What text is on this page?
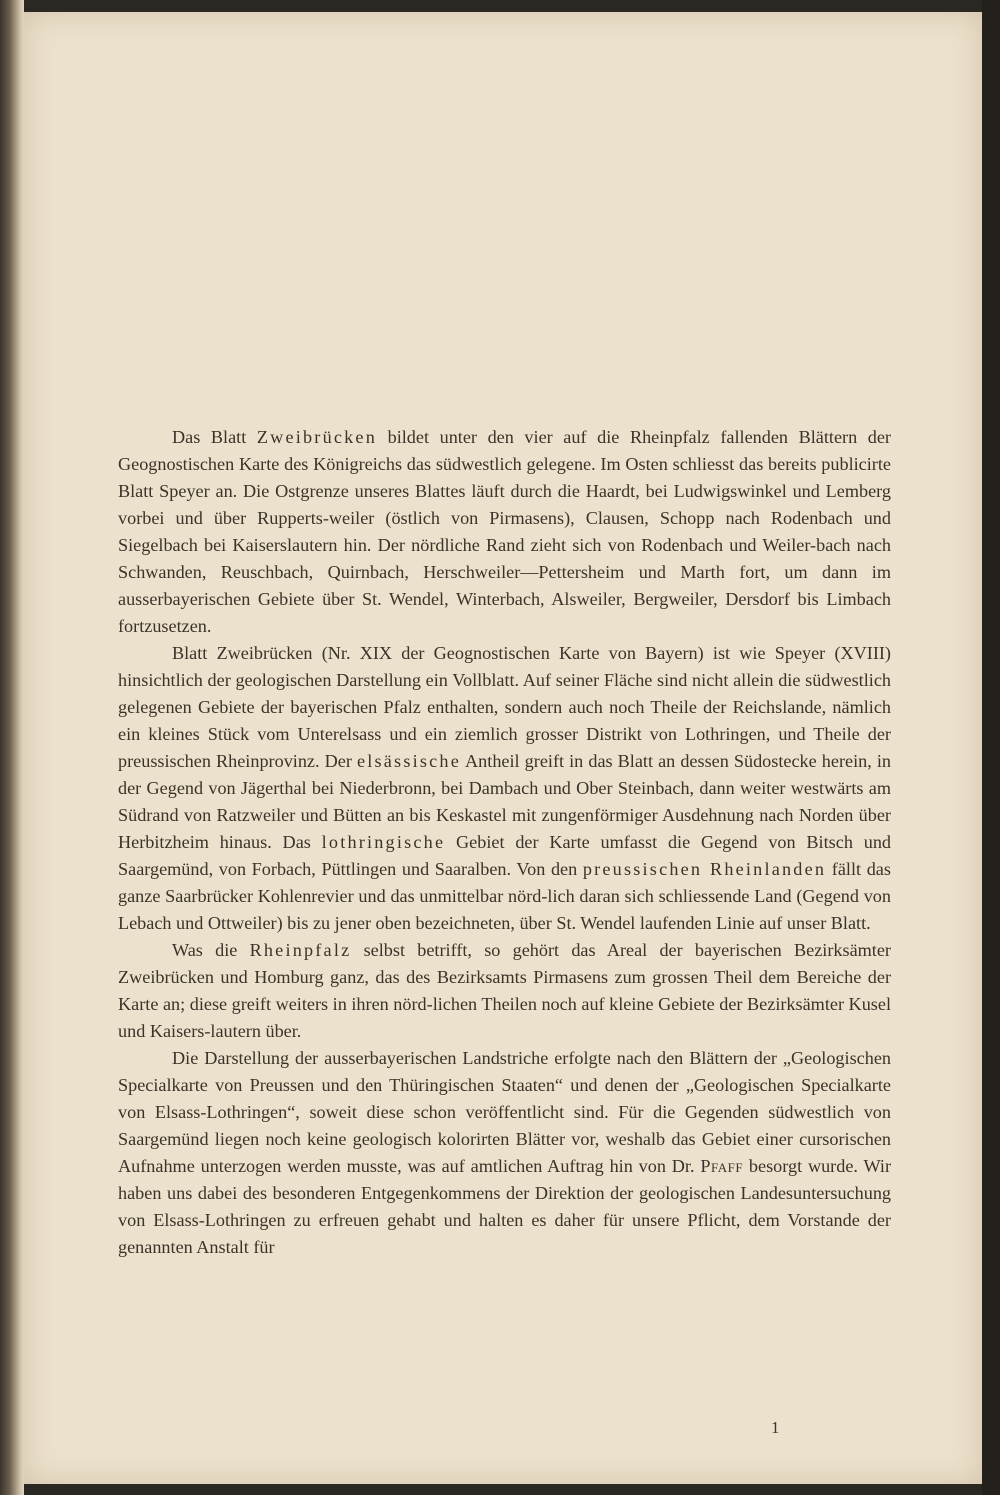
Das Blatt Zweibrücken bildet unter den vier auf die Rheinpfalz fallenden Blättern der Geognostischen Karte des Königreichs das südwestlich gelegene. Im Osten schliesst das bereits publicirte Blatt Speyer an. Die Ostgrenze unseres Blattes läuft durch die Haardt, bei Ludwigswinkel und Lemberg vorbei und über Rupperts-weiler (östlich von Pirmasens), Clausen, Schopp nach Rodenbach und Siegelbach bei Kaiserslautern hin. Der nördliche Rand zieht sich von Rodenbach und Weiler-bach nach Schwanden, Reuschbach, Quirnbach, Herschweiler—Pettersheim und Marth fort, um dann im ausserbayerischen Gebiete über St. Wendel, Winterbach, Alsweiler, Bergweiler, Dersdorf bis Limbach fortzusetzen.

Blatt Zweibrücken (Nr. XIX der Geognostischen Karte von Bayern) ist wie Speyer (XVIII) hinsichtlich der geologischen Darstellung ein Vollblatt. Auf seiner Fläche sind nicht allein die südwestlich gelegenen Gebiete der bayerischen Pfalz enthalten, sondern auch noch Theile der Reichslande, nämlich ein kleines Stück vom Unterelsass und ein ziemlich grosser Distrikt von Lothringen, und Theile der preussischen Rheinprovinz. Der elsässische Antheil greift in das Blatt an dessen Südostecke herein, in der Gegend von Jägerthal bei Niederbronn, bei Dambach und Ober Steinbach, dann weiter westwärts am Südrand von Ratzweiler und Bütten an bis Keskastel mit zungenförmiger Ausdehnung nach Norden über Herbitzheim hinaus. Das lothringische Gebiet der Karte umfasst die Gegend von Bitsch und Saargemünd, von Forbach, Püttlingen und Saaralben. Von den preussischen Rheinlanden fällt das ganze Saarbrücker Kohlenrevier und das unmittelbar nörd-lich daran sich schliessende Land (Gegend von Lebach und Ottweiler) bis zu jener oben bezeichneten, über St. Wendel laufenden Linie auf unser Blatt.

Was die Rheinpfalz selbst betrifft, so gehört das Areal der bayerischen Bezirksämter Zweibrücken und Homburg ganz, das des Bezirksamts Pirmasens zum grossen Theil dem Bereiche der Karte an; diese greift weiters in ihren nörd-lichen Theilen noch auf kleine Gebiete der Bezirksämter Kusel und Kaisers-lautern über.

Die Darstellung der ausserbayerischen Landstriche erfolgte nach den Blättern der „Geologischen Specialkarte von Preussen und den Thüringischen Staaten“ und denen der „Geologischen Specialkarte von Elsass-Lothringen“, soweit diese schon veröffentlicht sind. Für die Gegenden südwestlich von Saargemünd liegen noch keine geologisch kolorirten Blätter vor, weshalb das Gebiet einer cursorischen Aufnahme unterzogen werden musste, was auf amtlichen Auftrag hin von Dr. Pfaff besorgt wurde. Wir haben uns dabei des besonderen Entgegenkommens der Direktion der geologischen Landesuntersuchung von Elsass-Lothringen zu erfreuen gehabt und halten es daher für unsere Pflicht, dem Vorstande der genannten Anstalt für

1
